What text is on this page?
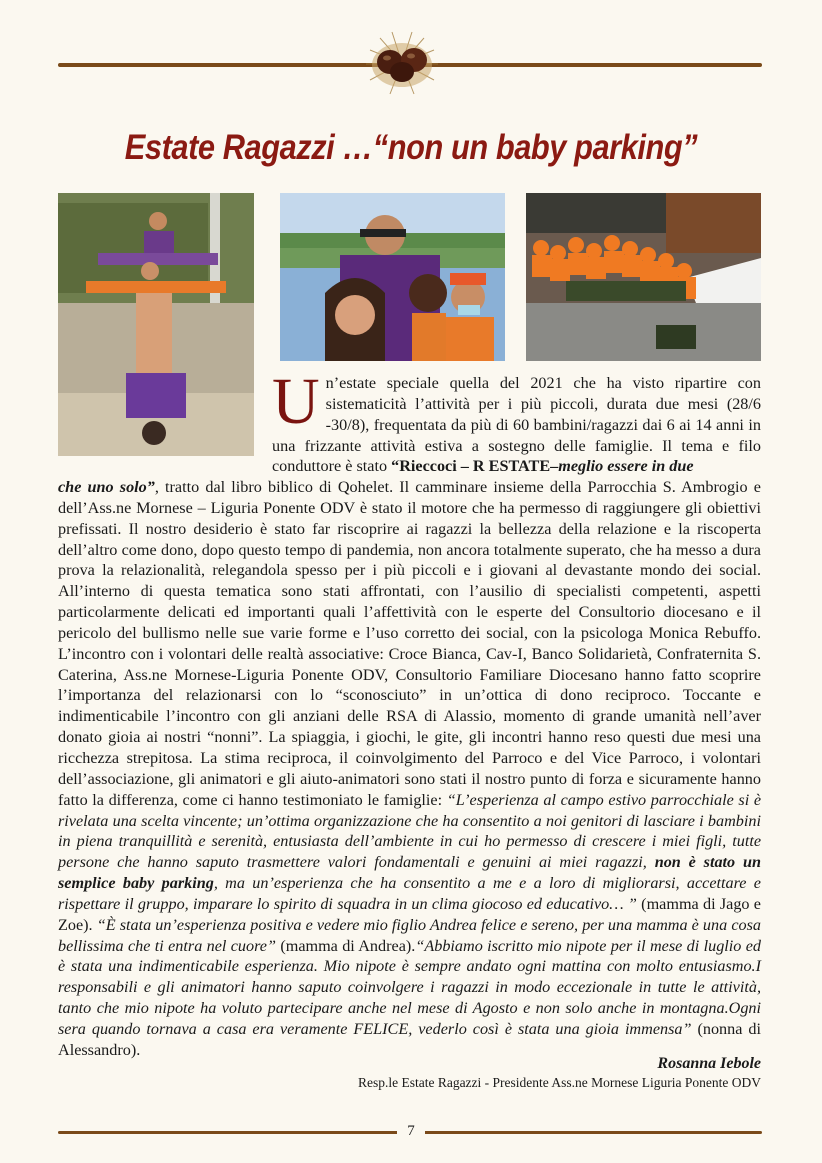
Estate Ragazzi …“non un baby parking”
Un’estate speciale quella del 2021 che ha visto ripartire con sistematicità l’attività per i più piccoli, durata due mesi (28/6 -30/8), frequentata da più di 60 bambini/ragazzi dai 6 ai 14 anni in una frizzante attività estiva a sostegno delle famiglie. Il tema e filo conduttore è stato “Rieccoci – R ESTATE–meglio essere in due

che uno solo”, tratto dal libro biblico di Qohelet. Il camminare insieme della Parrocchia S. Ambrogio e dell’Ass.ne Mornese – Liguria Ponente ODV è stato il motore che ha permesso di raggiungere gli obiettivi prefissati. Il nostro desiderio è stato far riscoprire ai ragazzi la bellezza della relazione e la riscoperta dell’altro come dono, dopo questo tempo di pandemia, non ancora totalmente superato, che ha messo a dura prova la relazionalità, relegandola spesso per i più piccoli e i giovani al devastante mondo dei social. All’interno di questa tematica sono stati affrontati, con l’ausilio di specialisti competenti, aspetti particolarmente delicati ed importanti quali l’affettività con le esperte del Consultorio diocesano e il pericolo del bullismo nelle sue varie forme e l’uso corretto dei social, con la psicologa Monica Rebuffo. L’incontro con i volontari delle realtà associative: Croce Bianca, Cav-I, Banco Solidarietà, Confraternita S. Caterina, Ass.ne Mornese-Liguria Ponente ODV, Consultorio Familiare Diocesano hanno fatto scoprire l’importanza del relazionarsi con lo “sconosciuto” in un’ottica di dono reciproco. Toccante e indimenticabile l’incontro con gli anziani delle RSA di Alassio, momento di grande umanità nell’aver donato gioia ai nostri “nonni”. La spiaggia, i giochi, le gite, gli incontri hanno reso questi due mesi una ricchezza strepitosa. La stima reciproca, il coinvolgimento del Parroco e del Vice Parroco, i volontari dell’associazione, gli animatori e gli aiuto-animatori sono stati il nostro punto di forza e sicuramente hanno fatto la differenza, come ci hanno testimoniato le famiglie: “L’esperienza al campo estivo parrocchiale si è rivelata una scelta vincente; un’ottima organizzazione che ha consentito a noi genitori di lasciare i bambini in piena tranquillità e serenità, entusiasta dell’ambiente in cui ho permesso di crescere i miei figli, tutte persone che hanno saputo trasmettere valori fondamentali e genuini ai miei ragazzi, non è stato un semplice baby parking, ma un’esperienza che ha consentito a me e a loro di migliorarsi, accettare e rispettare il gruppo, imparare lo spirito di squadra in un clima giocoso ed educativo… ” (mamma di Jago e Zoe). “È stata un’esperienza positiva e vedere mio figlio Andrea felice e sereno, per una mamma è una cosa bellissima che ti entra nel cuore” (mamma di Andrea).“Abbiamo iscritto mio nipote per il mese di luglio ed è stata una indimenticabile esperienza. Mio nipote è sempre andato ogni mattina con molto entusiasmo.I responsabili e gli animatori hanno saputo coinvolgere i ragazzi in modo eccezionale in tutte le attività, tanto che mio nipote ha voluto partecipare anche nel mese di Agosto e non solo anche in montagna.Ogni sera quando tornava a casa era veramente FELICE, vederlo così è stata una gioia immensa” (nonna di Alessandro).

Rosanna Iebole
Resp.le Estate Ragazzi - Presidente Ass.ne Mornese Liguria Ponente ODV
7
